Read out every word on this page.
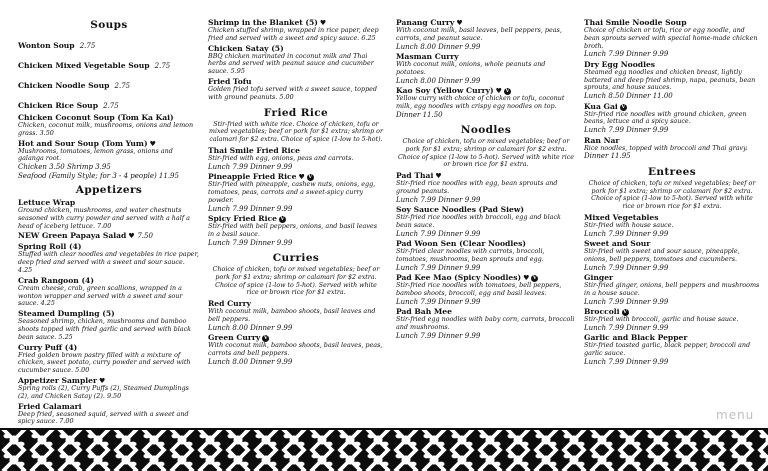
Soups
Wonton Soup 2.75
Chicken Mixed Vegetable Soup 2.75
Chicken Noodle Soup 2.75
Chicken Rice Soup 2.75
Chicken Coconut Soup (Tom Ka Kai)
Chicken, coconut milk, mushrooms, onions and lemon grass. 3.50
Hot and Sour Soup (Tom Yum) ♥
Mushrooms, tomatoes, lemon grass, onions and galanga root.
Chicken 3.50 Shrimp 3.95
Seafood (Family Style; for 3 - 4 people) 11.95
Appetizers
Lettuce Wrap
Ground chicken, mushrooms, and water chestnuts seasoned with curry powder and served with a half a head of iceberg lettuce. 7.00
NEW Green Papaya Salad ♥ 7.50
Spring Roll (4)
Stuffed with clear noodles and vegetables in rice paper, deep fried and served with a sweet and sour sauce. 4.25
Crab Rangoon (4)
Cream cheese, crab, green scallions, wrapped in a wonton wrapper and served with a sweet and sour sauce. 4.25
Steamed Dumpling (5)
Seasoned shrimp, chicken, mushrooms and bamboo shoots topped with fried garlic and served with black bean sauce. 5.25
Curry Puff (4)
Fried golden brown pastry filled with a mixture of chicken, sweet potato, curry powder and served with cucumber sauce. 5.00
Appetizer Sampler ♥
Spring rolls (2), Curry Puffs (2), Steamed Dumplings (2), and Chicken Satay (2). 9.50
Fried Calamari
Deep fried, seasoned squid, served with a sweet and spicy sauce. 7.00
Shrimp in the Blanket (5) ♥
Chicken stuffed shrimp, wrapped in rice paper, deep fried and served with a sweet and spicy sauce. 6.25
Chicken Satay (5)
BBQ chicken marinated in coconut milk and Thai herbs and served with peanut sauce and cucumber sauce. 5.95
Fried Tofu
Golden fried tofu served with a sweet sauce, topped with ground peanuts. 5.00
Fried Rice
Stir-fried with white rice. Choice of chicken, tofu or mixed vegetables; beef or pork for $1 extra; shrimp or calamari for $2 extra. Choice of spice (1-low to 5-hot).
Thai Smile Fried Rice
Stir-fried with egg, onions, peas and carrots.
Lunch 7.99 Dinner 9.99
Pineapple Fried Rice ♥ V
Stir-fried with pineapple, cashew nuts, onions, egg, tomatoes, peas, carrots and a sweet-spicy curry powder.
Lunch 7.99 Dinner 9.99
Spicy Fried Rice V
Stir-fried with bell peppers, onions, and basil leaves in a basil sauce.
Lunch 7.99 Dinner 9.99
Curries
Choice of chicken, tofu or mixed vegetables; beef or pork for $1 extra; shrimp or calamari for $2 extra. Choice of spice (1-low to 5-hot). Served with white rice or brown rice for $1 extra.
Red Curry
With coconut milk, bamboo shoots, basil leaves and bell peppers.
Lunch 8.00 Dinner 9.99
Green Curry V
With coconut milk, bamboo shoots, basil leaves, peas, carrots and bell peppers.
Lunch 8.00 Dinner 9.99
Panang Curry ♥
With coconut milk, basil leaves, bell peppers, peas, carrots, and peanut sauce.
Lunch 8.00 Dinner 9.99
Masman Curry
With coconut milk, onions, whole peanuts and potatoes.
Lunch 8.00 Dinner 9.99
Kao Soy (Yellow Curry) ♥ V
Yellow curry with choice of chicken or tofu, coconut milk, egg noodles with crispy egg noodles on top.
Dinner 11.50
Noodles
Choice of chicken, tofu or mixed vegetables; beef or pork for $1 extra; shrimp or calamari for $2 extra. Choice of spice (1-low to 5-hot). Served with white rice or brown rice for $1 extra.
Pad Thai ♥
Stir-fried rice noodles with egg, bean sprouts and ground peanuts.
Lunch 7.99 Dinner 9.99
Soy Sauce Noodles (Pad Siew)
Stir-fried rice noodles with broccoli, egg and black bean sauce.
Lunch 7.99 Dinner 9.99
Pad Woon Sen (Clear Noodles)
Stir-fried clear noodles with carrots, broccoli, tomatoes, mushrooms, bean sprouts and egg.
Lunch 7.99 Dinner 9.99
Pad Kee Mao (Spicy Noodles) ♥ V
Stir-fried rice noodles with tomatoes, bell peppers, bamboo shoots, broccoli, egg and basil leaves.
Lunch 7.99 Dinner 9.99
Pad Bah Mee
Stir-fried egg noodles with baby corn, carrots, broccoli and mushrooms.
Lunch 7.99 Dinner 9.99
Thai Smile Noodle Soup
Choice of chicken or tofu, rice or egg noodle, and bean sprouts served with special home-made chicken broth.
Lunch 7.99 Dinner 9.99
Dry Egg Noodles
Steamed egg noodles and chicken breast, lightly battered and deep fried shrimp, napa, peanuts, bean sprouts, and house sauces.
Lunch 8.50 Dinner 11.00
Kua Gai V
Stir-fried rice noodles with ground chicken, green beans, lettuce and a spicy sauce.
Lunch 7.99 Dinner 9.99
Ran Nar
Rice noodles, topped with broccoli and Thai gravy.
Dinner 11.95
Entrees
Choice of chicken, tofu or mixed vegetables; beef or pork for $1 extra; shrimp or calamari for $2 extra. Choice of spice (1-low to 5-hot). Served with white rice or brown rice for $1 extra.
Mixed Vegetables
Stir-fried with house sauce.
Lunch 7.99 Dinner 9.99
Sweet and Sour
Stir-fried with sweet and sour sauce, pineapple, onions, bell peppers, tomatoes and cucumbers.
Lunch 7.99 Dinner 9.99
Ginger
Stir-fried ginger, onions, bell peppers and mushrooms in a house sauce.
Lunch 7.99 Dinner 9.99
Broccoli V
Stir-fried with broccoli, garlic and house sauce.
Lunch 7.99 Dinner 9.99
Garlic and Black Pepper
Stir-fried toasted garlic, black pepper, broccoli and garlic sauce.
Lunch 7.99 Dinner 9.99
menu
